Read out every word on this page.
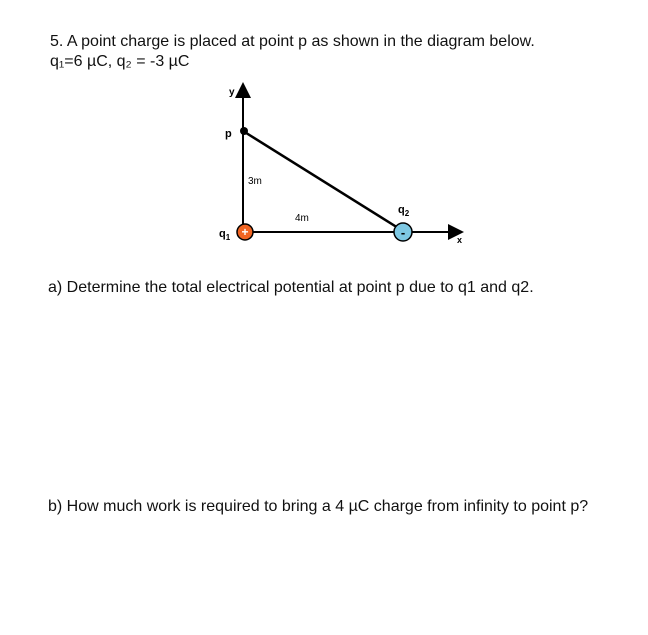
5. A point charge is placed at point p as shown in the diagram below.
q₁=6 µC, q₂ = -3 µC
y
x
p
3m
4m
+
$q_1$	-
$q_2$
a) Determine the total electrical potential at point p due to q1 and q2.
b) How much work is required to bring a 4 µC charge from infinity to point p?
